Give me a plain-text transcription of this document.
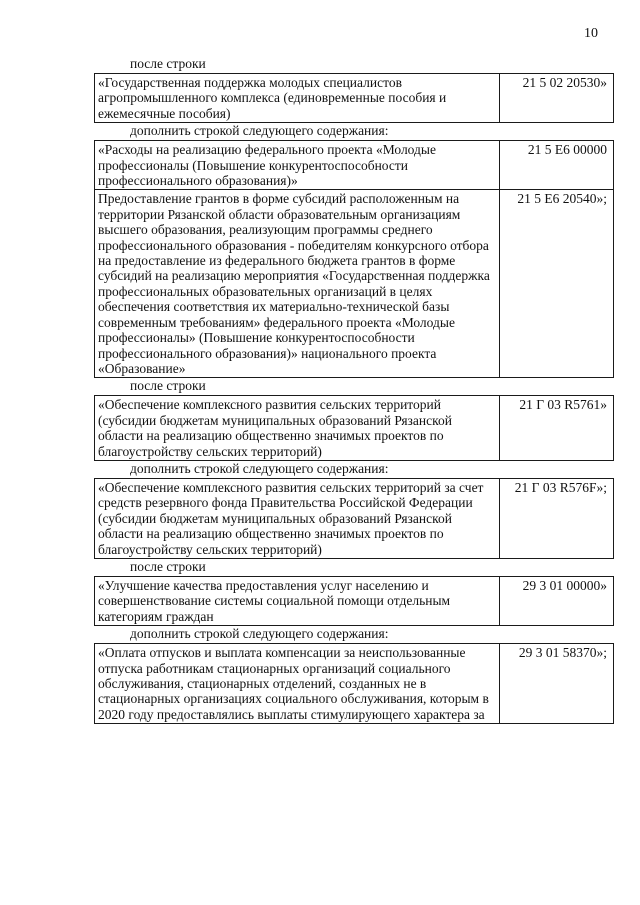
10
после строки
«Государственная поддержка молодых специалистов агропромышленного комплекса (единовременные пособия и ежемесячные пособия)	21 5 02 20530»
дополнить строкой следующего содержания:
«Расходы на реализацию федерального проекта «Молодые профессионалы (Повышение конкурентоспособности профессионального образования)»	21 5 Е6 00000
Предоставление грантов в форме субсидий расположенным на территории Рязанской области образовательным организациям высшего образования, реализующим программы среднего профессионального образования - победителям конкурсного отбора на предоставление из федерального бюджета грантов в форме субсидий на реализацию мероприятия «Государственная поддержка профессиональных образовательных организаций в целях обеспечения соответствия их материально-технической базы современным требованиям» федерального проекта «Молодые профессионалы» (Повышение конкурентоспособности профессионального образования)» национального проекта «Образование»	21 5 Е6 20540»;
после строки
«Обеспечение комплексного развития сельских территорий (субсидии бюджетам муниципальных образований Рязанской области на реализацию общественно значимых проектов по благоустройству сельских территорий)	21 Г 03 R5761»
дополнить строкой следующего содержания:
«Обеспечение комплексного развития сельских территорий за счет средств резервного фонда Правительства Российской Федерации (субсидии бюджетам муниципальных образований Рязанской области на реализацию общественно значимых проектов по благоустройству сельских территорий)	21 Г 03 R576F»;
после строки
«Улучшение качества предоставления услуг населению и совершенствование системы социальной помощи отдельным категориям граждан	29 3 01 00000»
дополнить строкой следующего содержания:
«Оплата отпусков и выплата компенсации за неиспользованные отпуска работникам стационарных организаций социального обслуживания, стационарных отделений, созданных не в стационарных организациях социального обслуживания, которым в 2020 году предоставлялись выплаты стимулирующего характера за	29 3 01 58370»;
